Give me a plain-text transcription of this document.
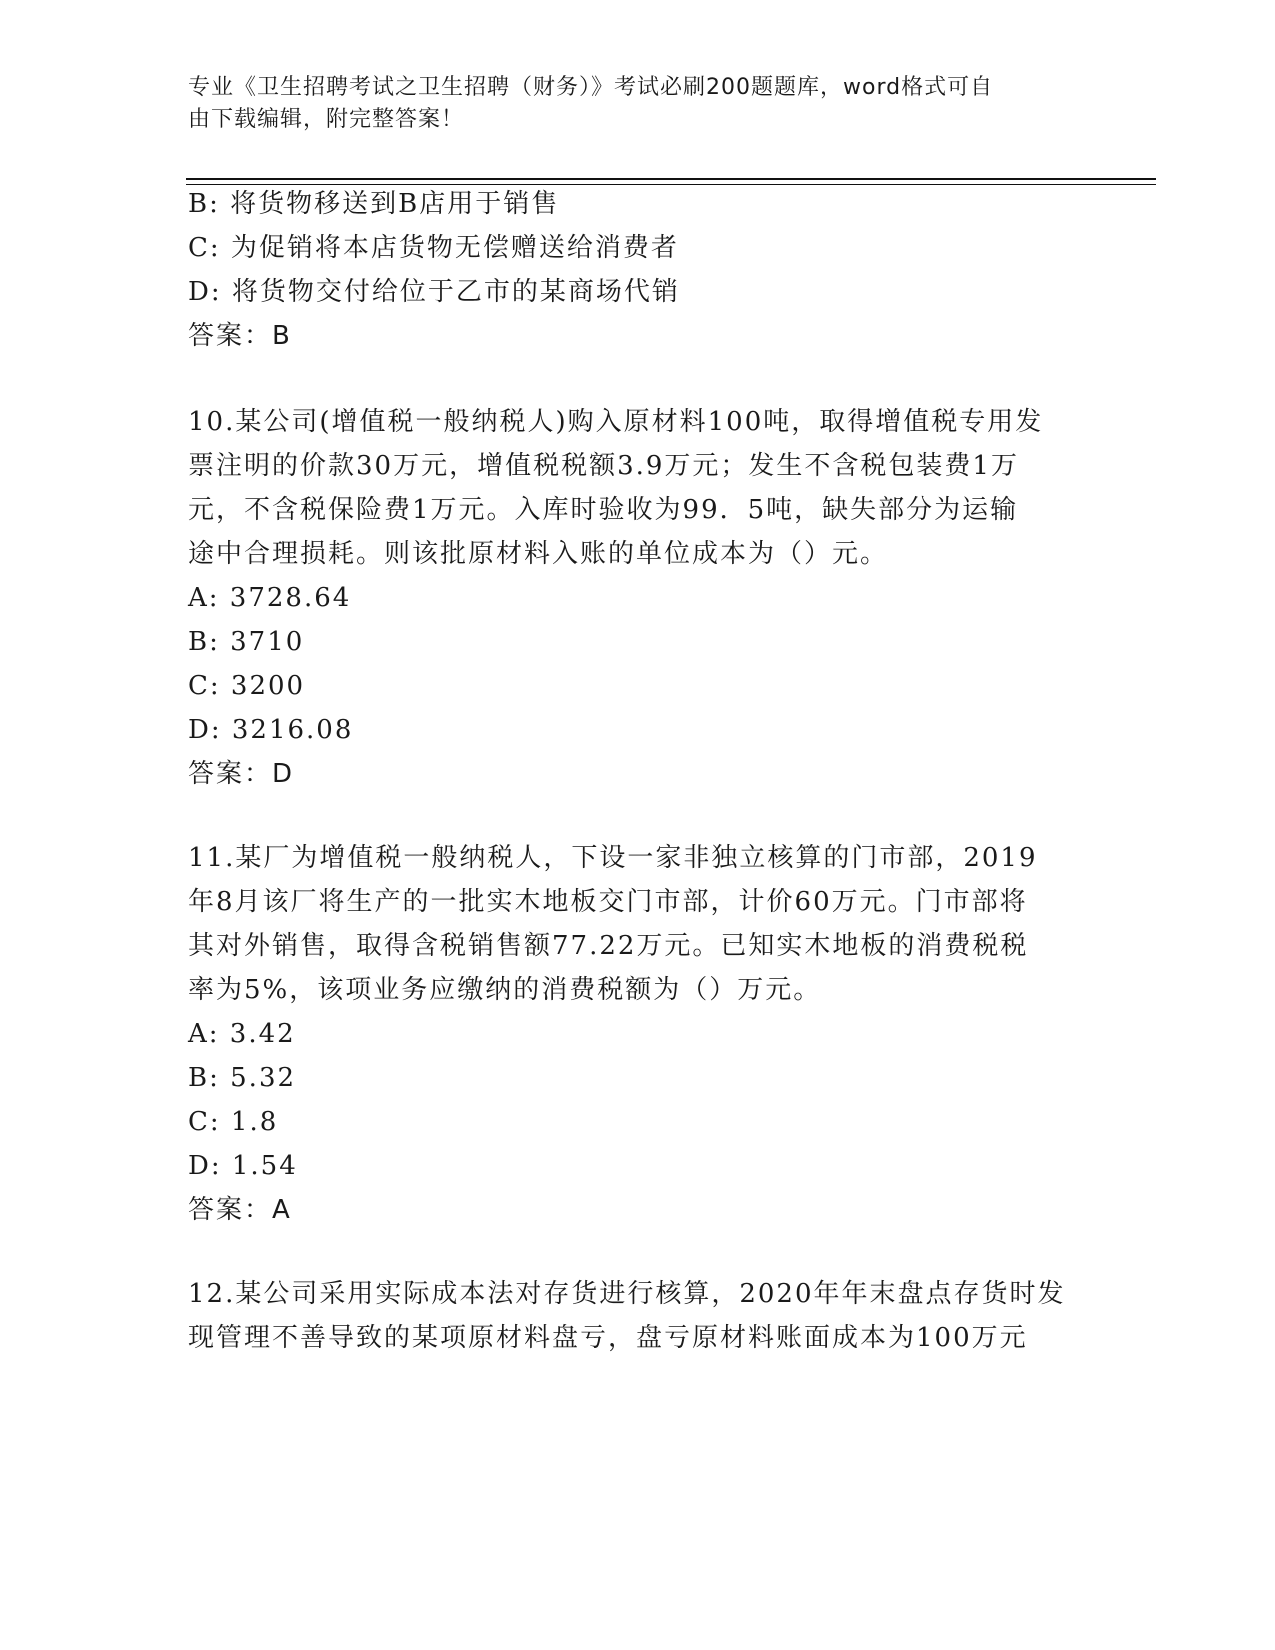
专业《卫生招聘考试之卫生招聘（财务）》考试必刷200题题库，word格式可自
由下载编辑，附完整答案！
B: 将货物移送到B店用于销售
C: 为促销将本店货物无偿赠送给消费者
D: 将货物交付给位于乙市的某商场代销
答案：B
10.某公司(增值税一般纳税人)购入原材料100吨，取得增值税专用发
票注明的价款30万元，增值税税额3.9万元；发生不含税包装费1万
元，不含税保险费1万元。入库时验收为99．5吨，缺失部分为运输
途中合理损耗。则该批原材料入账的单位成本为（）元。
A: 3728.64
B: 3710
C: 3200
D: 3216.08
答案：D
11.某厂为增值税一般纳税人，下设一家非独立核算的门市部，2019
年8月该厂将生产的一批实木地板交门市部，计价60万元。门市部将
其对外销售，取得含税销售额77.22万元。已知实木地板的消费税税
率为5%，该项业务应缴纳的消费税额为（）万元。
A: 3.42
B: 5.32
C: 1.8
D: 1.54
答案：A
12.某公司采用实际成本法对存货进行核算，2020年年末盘点存货时发
现管理不善导致的某项原材料盘亏，盘亏原材料账面成本为100万元
